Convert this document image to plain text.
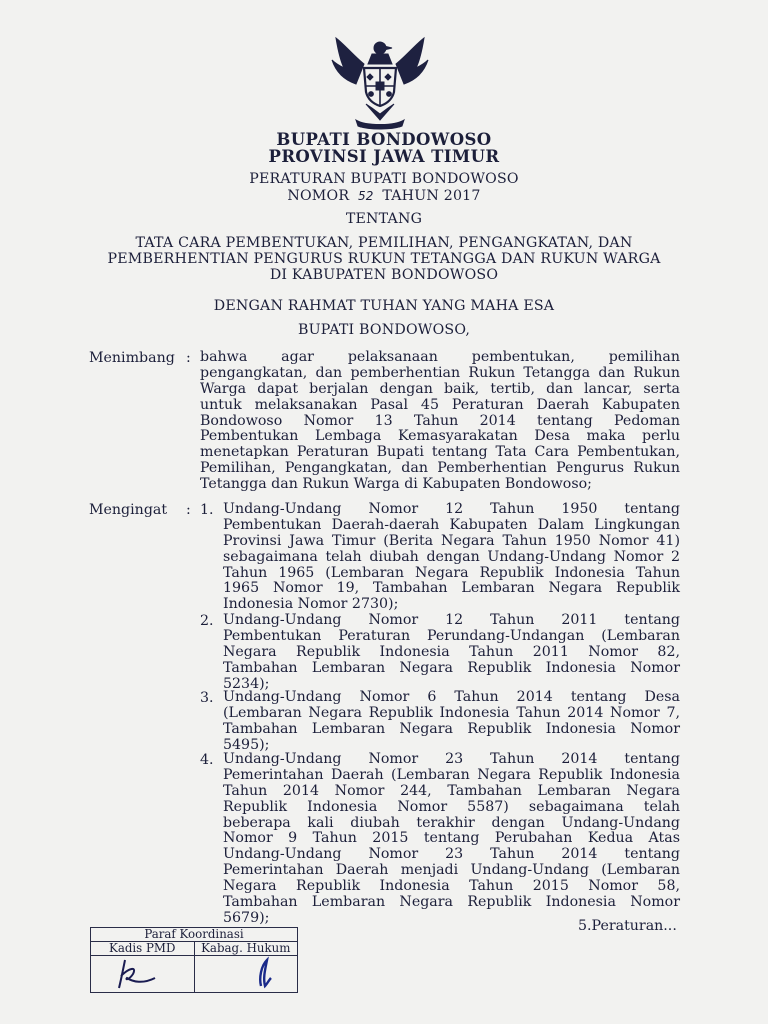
BUPATI BONDOWOSO
PROVINSI JAWA TIMUR
PERATURAN BUPATI BONDOWOSO
NOMOR 52 TAHUN 2017
TENTANG
TATA CARA PEMBENTUKAN, PEMILIHAN, PENGANGKATAN, DAN
PEMBERHENTIAN PENGURUS RUKUN TETANGGA DAN RUKUN WARGA
DI KABUPATEN BONDOWOSO
DENGAN RAHMAT TUHAN YANG MAHA ESA
BUPATI BONDOWOSO,
Menimbang : bahwa agar pelaksanaan pembentukan, pemilihan
pengangkatan, dan pemberhentian Rukun Tetangga dan Rukun
Warga dapat berjalan dengan baik, tertib, dan lancar, serta
untuk melaksanakan Pasal 45 Peraturan Daerah Kabupaten
Bondowoso Nomor 13 Tahun 2014 tentang Pedoman
Pembentukan Lembaga Kemasyarakatan Desa maka perlu
menetapkan Peraturan Bupati tentang Tata Cara Pembentukan,
Pemilihan, Pengangkatan, dan Pemberhentian Pengurus Rukun
Tetangga dan Rukun Warga di Kabupaten Bondowoso;
Mengingat : 1. Undang-Undang Nomor 12 Tahun 1950 tentang
Pembentukan Daerah-daerah Kabupaten Dalam Lingkungan
Provinsi Jawa Timur (Berita Negara Tahun 1950 Nomor 41)
sebagaimana telah diubah dengan Undang-Undang Nomor 2
Tahun 1965 (Lembaran Negara Republik Indonesia Tahun
1965 Nomor 19, Tambahan Lembaran Negara Republik
Indonesia Nomor 2730);
2. Undang-Undang Nomor 12 Tahun 2011 tentang
Pembentukan Peraturan Perundang-Undangan (Lembaran
Negara Republik Indonesia Tahun 2011 Nomor 82,
Tambahan Lembaran Negara Republik Indonesia Nomor
5234);
3. Undang-Undang Nomor 6 Tahun 2014 tentang Desa
(Lembaran Negara Republik Indonesia Tahun 2014 Nomor 7,
Tambahan Lembaran Negara Republik Indonesia Nomor
5495);
4. Undang-Undang Nomor 23 Tahun 2014 tentang
Pemerintahan Daerah (Lembaran Negara Republik Indonesia
Tahun 2014 Nomor 244, Tambahan Lembaran Negara
Republik Indonesia Nomor 5587) sebagaimana telah
beberapa kali diubah terakhir dengan Undang-Undang
Nomor 9 Tahun 2015 tentang Perubahan Kedua Atas
Undang-Undang Nomor 23 Tahun 2014 tentang
Pemerintahan Daerah menjadi Undang-Undang (Lembaran
Negara Republik Indonesia Tahun 2015 Nomor 58,
Tambahan Lembaran Negara Republik Indonesia Nomor
5679);
5.Peraturan...
Paraf Koordinasi
Kadis PMD	Kabag. Hukum
